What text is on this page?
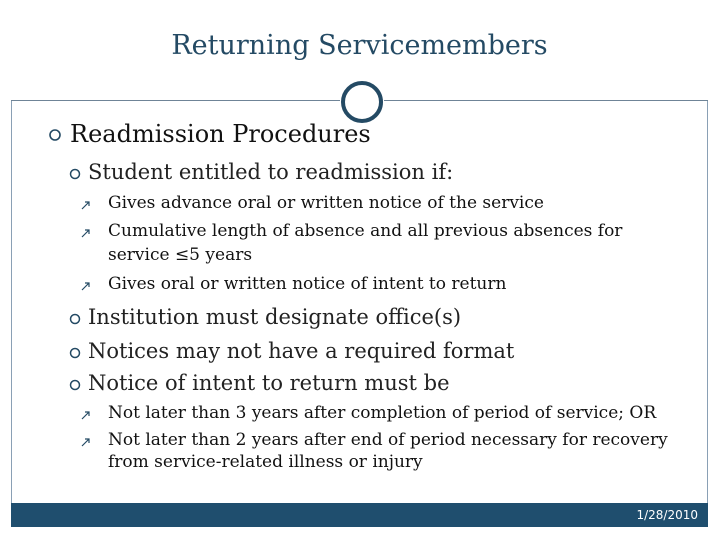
Returning Servicemembers
Readmission Procedures
Student entitled to readmission if:
Gives advance oral or written notice of the service
Cumulative length of absence and all previous absences for
service ≤5 years
Gives oral or written notice of intent to return
Institution must designate office(s)
Notices may not have a required format
Notice of intent to return must be
Not later than 3 years after completion of period of service; OR
Not later than 2 years after end of period necessary for recovery
from service-related illness or injury
1/28/2010
